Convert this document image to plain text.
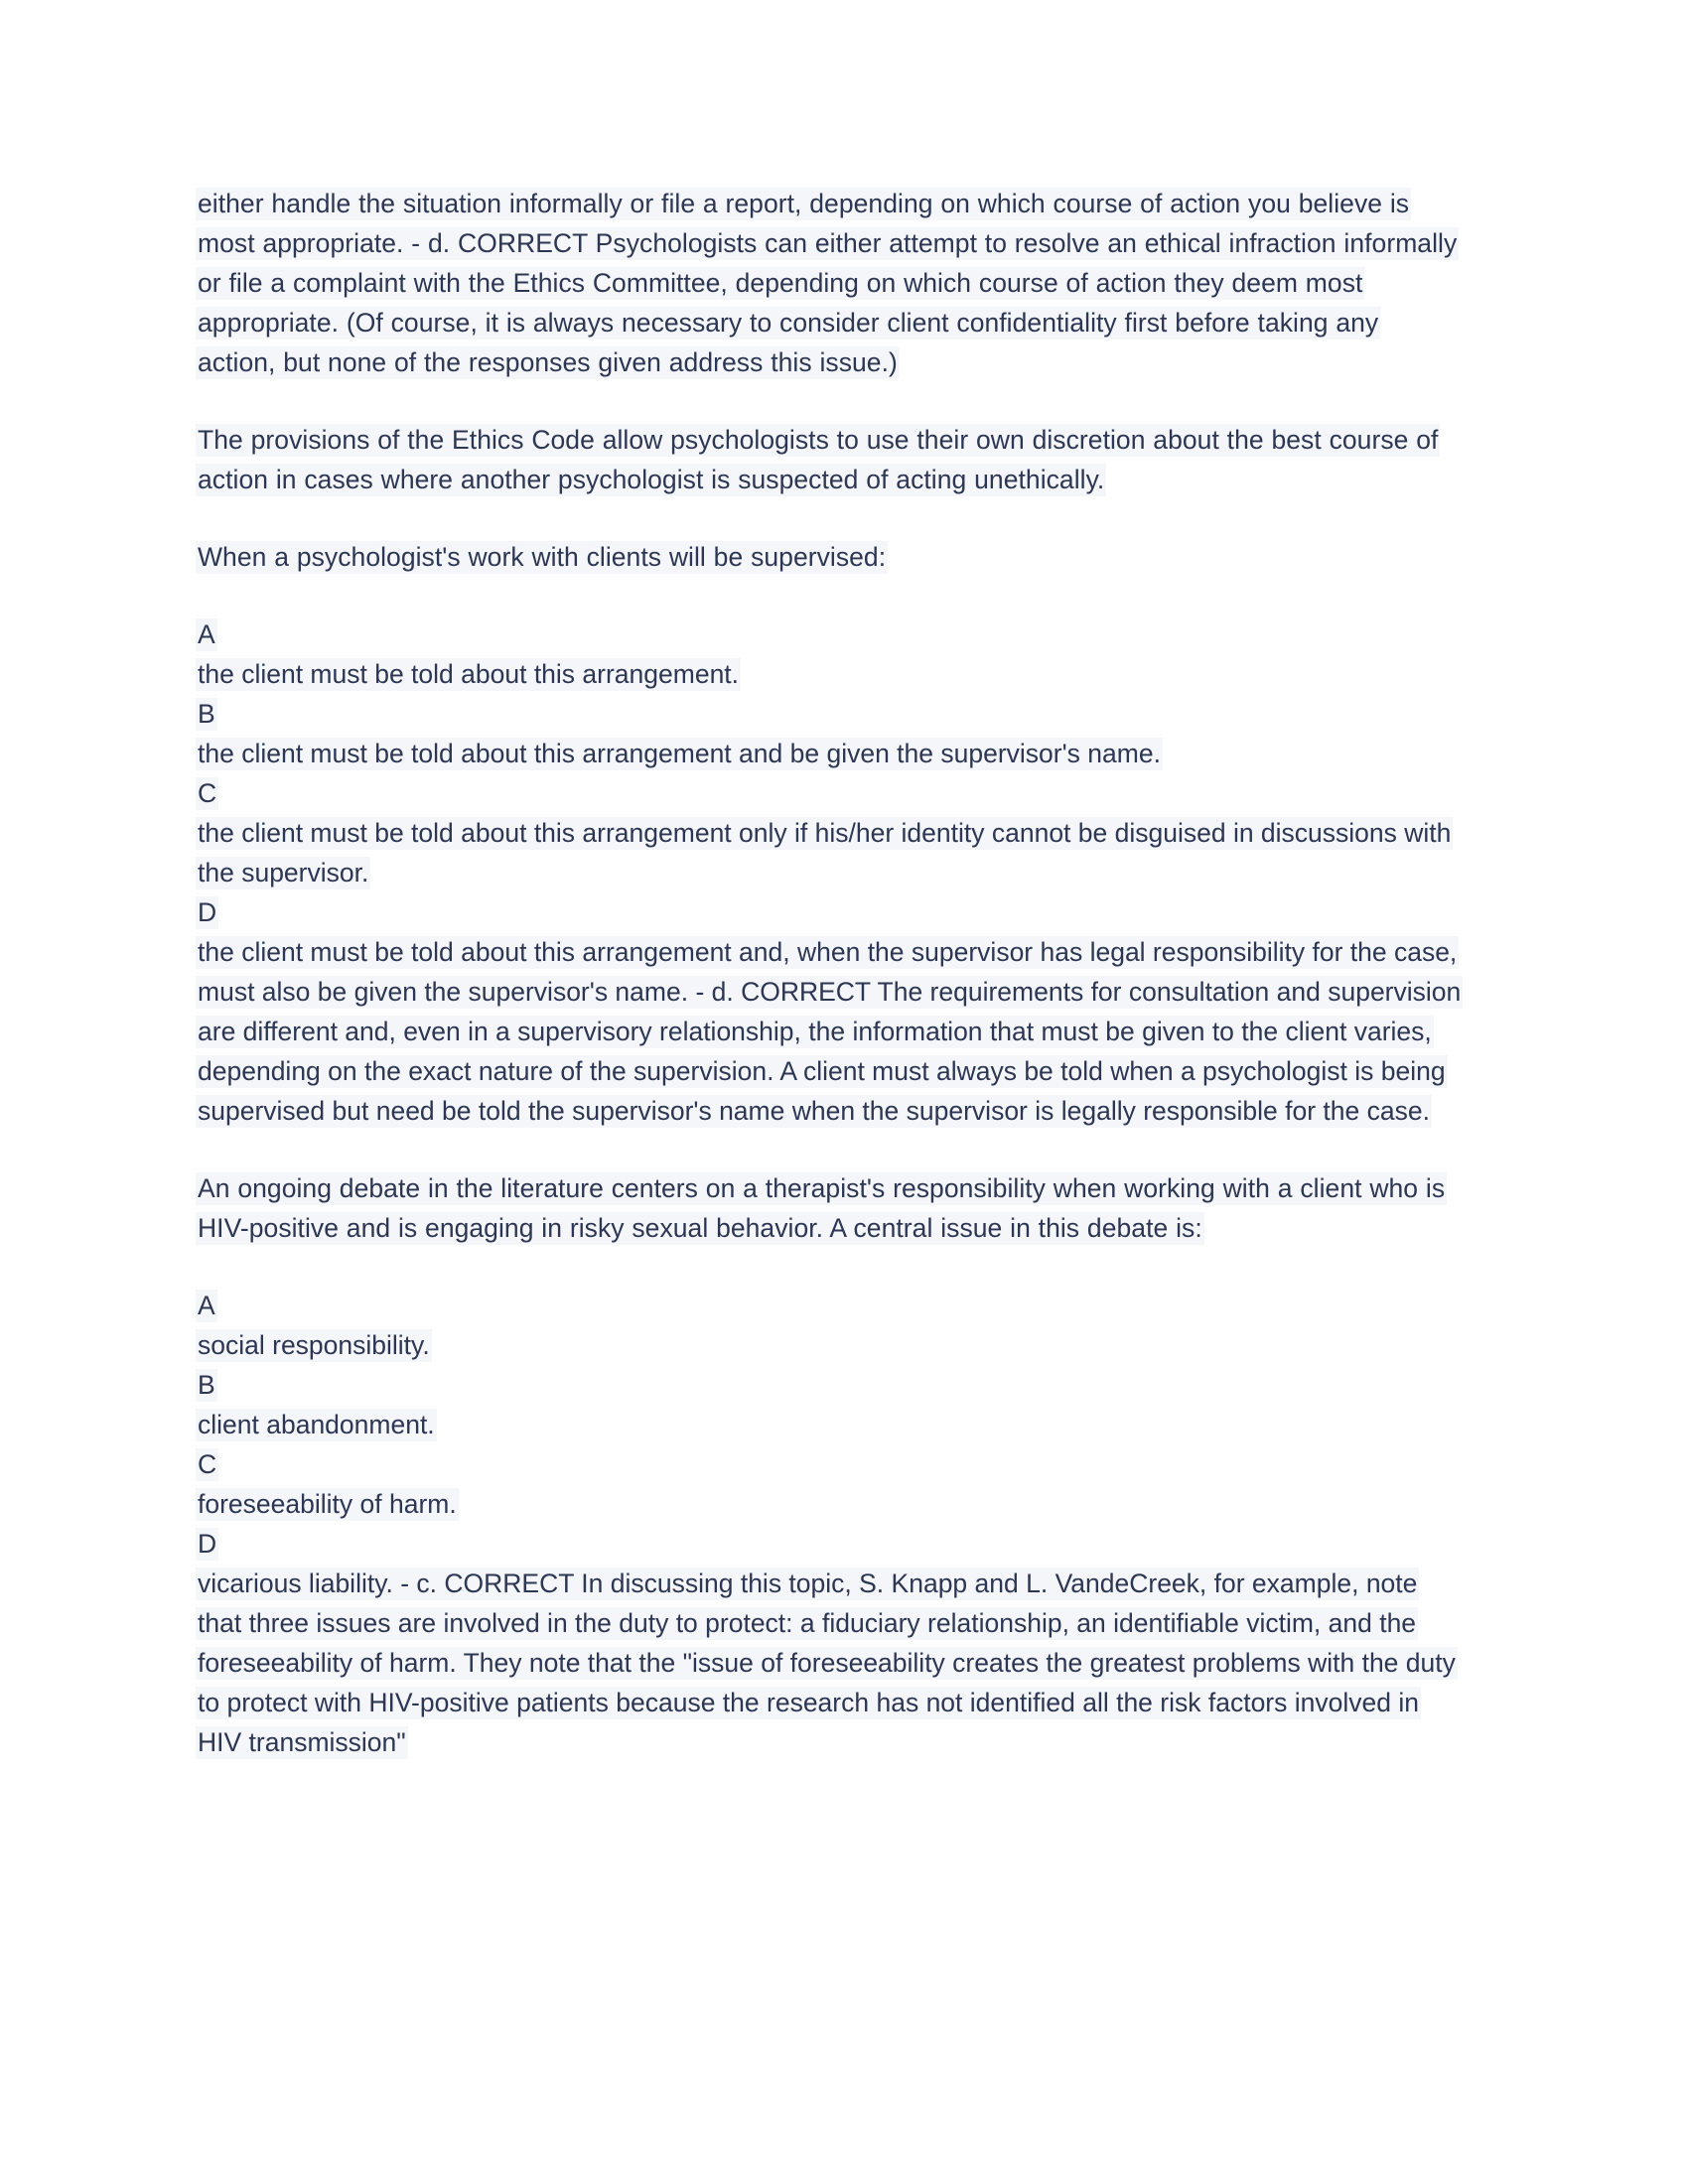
either handle the situation informally or file a report, depending on which course of action you believe is most appropriate. - d. CORRECT Psychologists can either attempt to resolve an ethical infraction informally or file a complaint with the Ethics Committee, depending on which course of action they deem most appropriate. (Of course, it is always necessary to consider client confidentiality first before taking any action, but none of the responses given address this issue.)

The provisions of the Ethics Code allow psychologists to use their own discretion about the best course of action in cases where another psychologist is suspected of acting unethically.

When a psychologist's work with clients will be supervised:

A
the client must be told about this arrangement.
B
the client must be told about this arrangement and be given the supervisor's name.
C
the client must be told about this arrangement only if his/her identity cannot be disguised in discussions with the supervisor.
D
the client must be told about this arrangement and, when the supervisor has legal responsibility for the case, must also be given the supervisor's name. - d. CORRECT The requirements for consultation and supervision are different and, even in a supervisory relationship, the information that must be given to the client varies, depending on the exact nature of the supervision. A client must always be told when a psychologist is being supervised but need be told the supervisor's name when the supervisor is legally responsible for the case.

An ongoing debate in the literature centers on a therapist's responsibility when working with a client who is HIV-positive and is engaging in risky sexual behavior. A central issue in this debate is:

A
social responsibility.
B
client abandonment.
C
foreseeability of harm.
D
vicarious liability. - c. CORRECT In discussing this topic, S. Knapp and L. VandeCreek, for example, note that three issues are involved in the duty to protect: a fiduciary relationship, an identifiable victim, and the foreseeability of harm. They note that the "issue of foreseeability creates the greatest problems with the duty to protect with HIV-positive patients because the research has not identified all the risk factors involved in HIV transmission"
